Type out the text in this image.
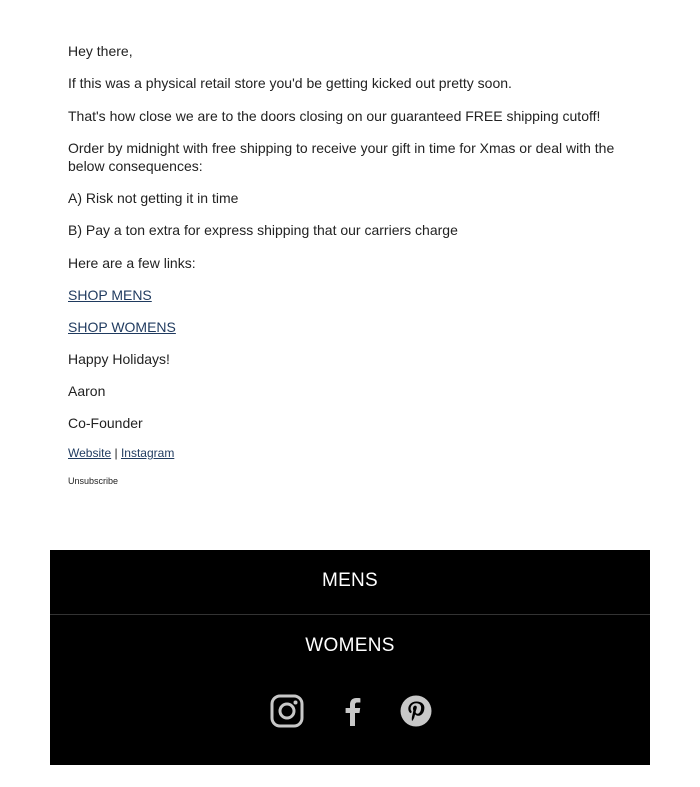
Hey there,

If this was a physical retail store you'd be getting kicked out pretty soon.

That's how close we are to the doors closing on our guaranteed FREE shipping cutoff!

Order by midnight with free shipping to receive your gift in time for Xmas or deal with the below consequences:

A) Risk not getting it in time

B) Pay a ton extra for express shipping that our carriers charge

Here are a few links:

SHOP MENS

SHOP WOMENS

Happy Holidays!

Aaron

Co-Founder

Website | Instagram

Unsubscribe

MENS
WOMENS
